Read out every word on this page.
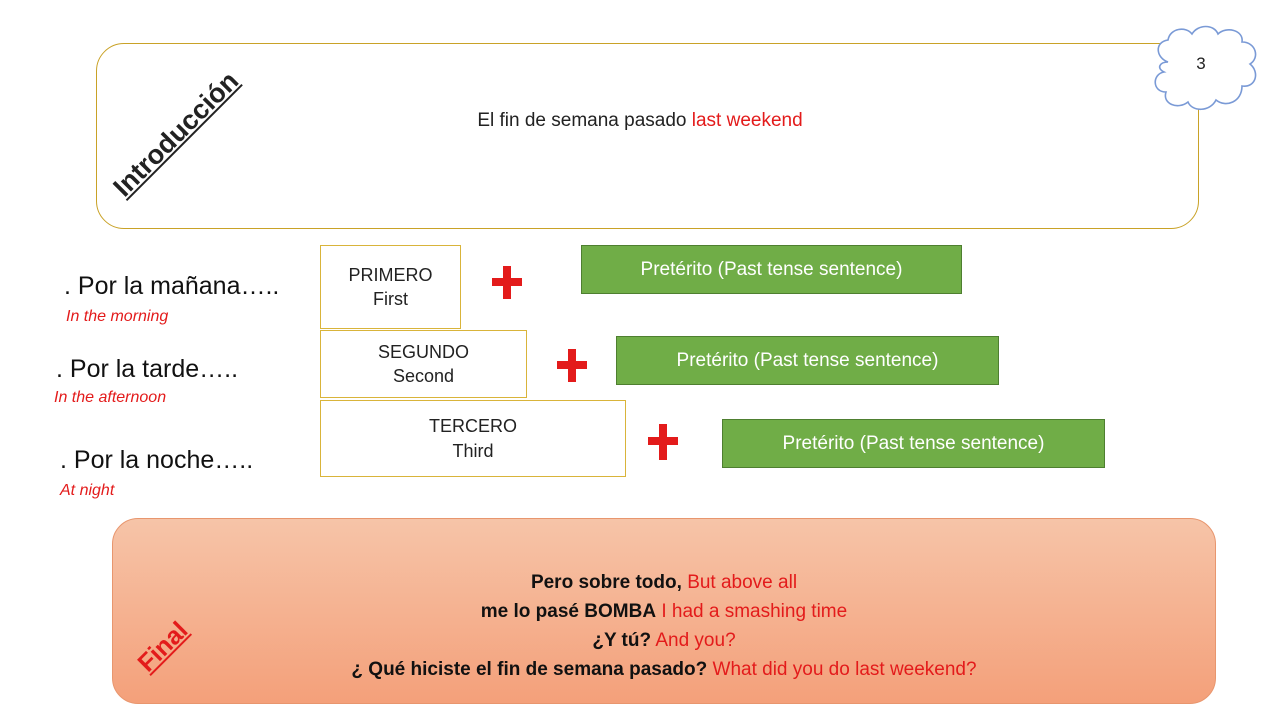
Introducción	El fin de semana pasado last weekend
3
. Por la mañana…..
In the morning
PRIMERO
First
Pretérito (Past tense sentence)
. Por la tarde…..
In the afternoon
SEGUNDO
Second
Pretérito (Past tense sentence)
. Por la noche…..
At night
TERCERO
Third	Pretérito (Past tense sentence)
Final
Pero sobre todo, But above all
me lo pasé BOMBA I had a smashing time
¿Y tú? And you?
¿ Qué hiciste el fin de semana pasado? What did you do last weekend?
